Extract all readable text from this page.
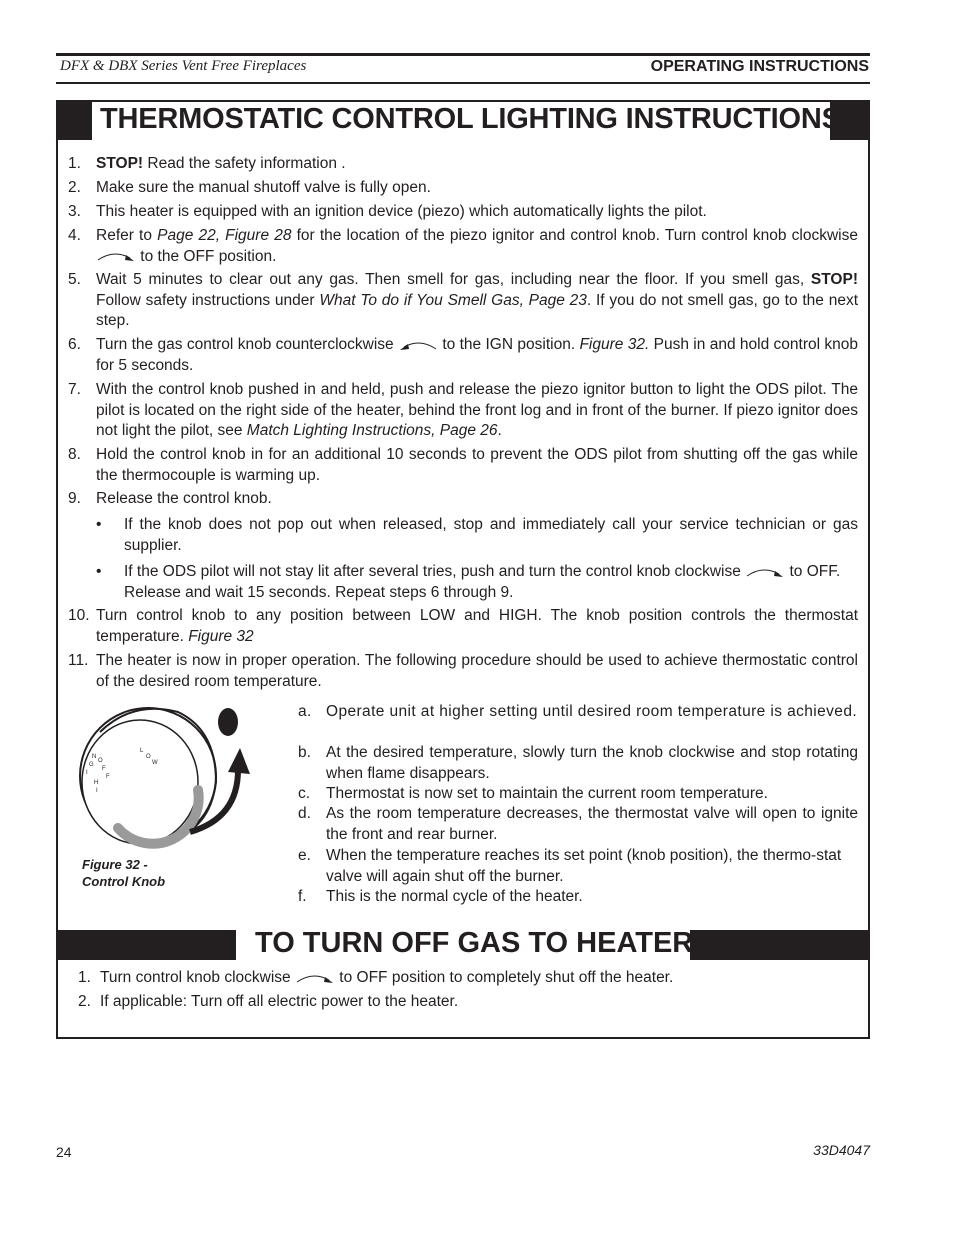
DFX & DBX Series Vent Free Fireplaces	OPERATING INSTRUCTIONS
THERMOSTATIC CONTROL LIGHTING INSTRUCTIONS
1. STOP! Read the safety information .
2. Make sure the manual shutoff valve is fully open.
3. This heater is equipped with an ignition device (piezo) which automatically lights the pilot.
4. Refer to Page 22, Figure 28 for the location of the piezo ignitor and control knob. Turn control knob clockwise  to the OFF position.
5. Wait 5 minutes to clear out any gas. Then smell for gas, including near the floor. If you smell gas, STOP! Follow safety instructions under What To do if You Smell Gas, Page 23. If you do not smell gas, go to the next step.
6. Turn the gas control knob counterclockwise	to the IGN position. Figure 32. Push in and hold control knob for 5 seconds.
7. With the control knob pushed in and held, push and release the piezo ignitor button to light the ODS pilot. The pilot is located on the right side of the heater, behind the front log and in front of the burner. If piezo ignitor does not light the pilot, see Match Lighting Instructions, Page 26.
8. Hold the control knob in for an additional 10 seconds to prevent the ODS pilot from shutting off the gas while the thermocouple is warming up.
9. Release the control knob.
• If the knob does not pop out when released, stop and immediately call your service technician or gas supplier.
• If the ODS pilot will not stay lit after several tries, push and turn the control knob clockwise	to OFF. Release and wait 15 seconds. Repeat steps 6 through 9.
10. Turn control knob to any position between LOW and HIGH. The knob position controls the thermostat temperature. Figure 32
11. The heater is now in proper operation. The following procedure should be used to achieve thermostatic control of the desired room temperature.
I
G
N
O
F
F
H
I
L
O
W
Figure 32 -
Control Knob
a. Operate unit at higher setting until desired room temperature is achieved.
b. At the desired temperature, slowly turn the knob clockwise and stop rotating when flame disappears.
c. Thermostat is now set to maintain the current room temperature.
d. As the room temperature decreases, the thermostat valve will open to ignite the front and rear burner.
e. When the temperature reaches its set point (knob position), the thermo-stat valve will again shut off the burner.
f. This is the normal cycle of the heater.
TO TURN OFF GAS TO HEATER
1. Turn control knob clockwise	to OFF position to completely shut off the heater.
2. If applicable: Turn off all electric power to the heater.
24	33D4047
